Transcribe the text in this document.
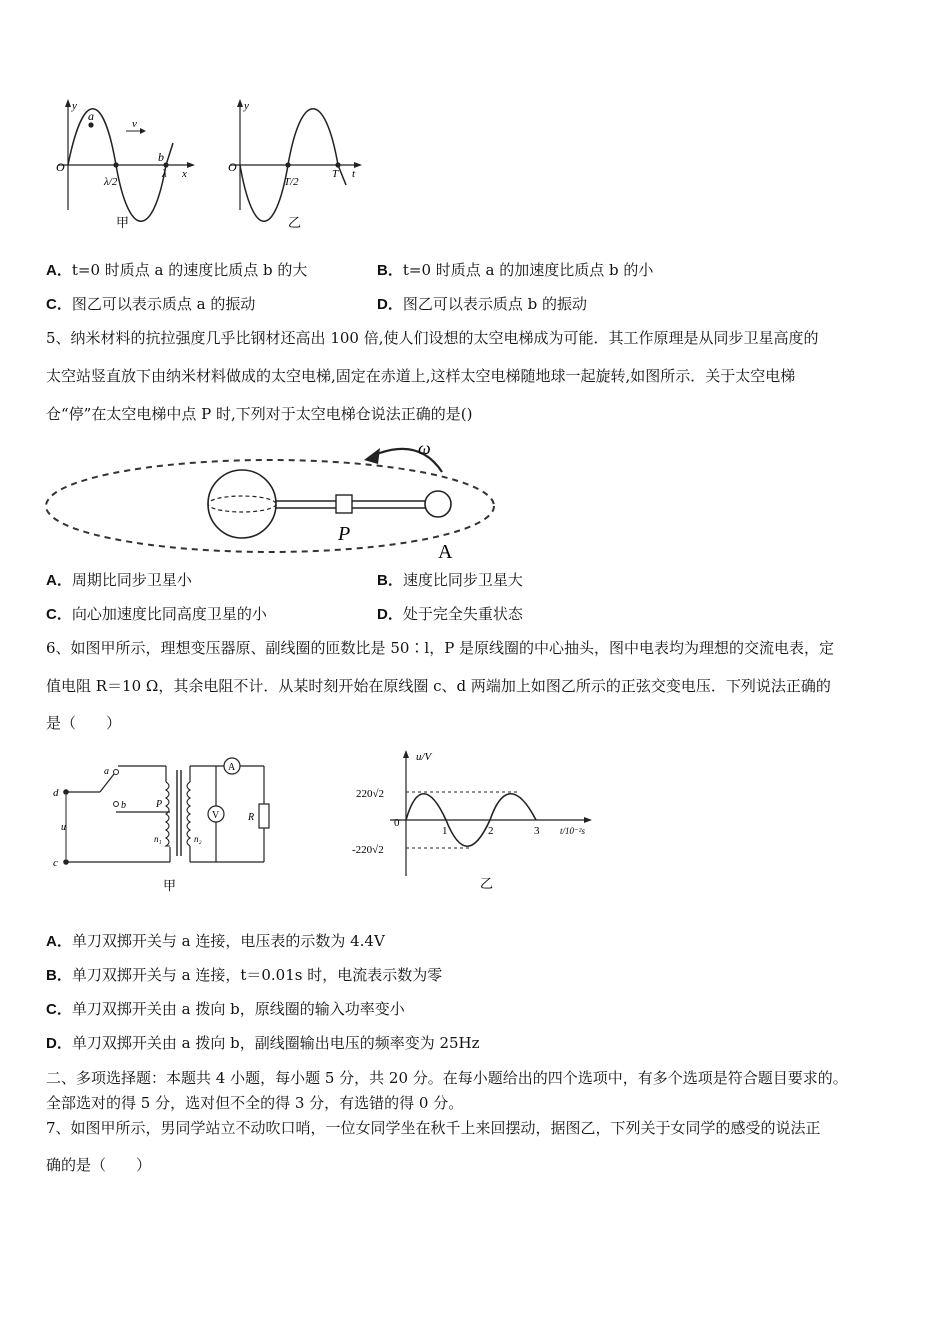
y
O
a
b
v
λ/2
λ x
甲
y
O
T/2
T t
乙
A．t=0 时质点 a 的速度比质点 b 的大	B．t=0 时质点 a 的加速度比质点 b 的小
C．图乙可以表示质点 a 的振动	D．图乙可以表示质点 b 的振动
5、纳米材料的抗拉强度几乎比钢材还高出 100 倍,使人们设想的太空电梯成为可能．其工作原理是从同步卫星高度的
太空站竖直放下由纳米材料做成的太空电梯,固定在赤道上,这样太空电梯随地球一起旋转,如图所示．关于太空电梯
仓“停”在太空电梯中点 P 时,下列对于太空电梯仓说法正确的是()
ω
P
A
A．周期比同步卫星小	B．速度比同步卫星大
C．向心加速度比同高度卫星的小	D．处于完全失重状态
6、如图甲所示，理想变压器原、副线圈的匝数比是 50∶l，P 是原线圈的中心抽头，图中电表均为理想的交流电表，定
值电阻 R＝10 Ω，其余电阻不计．从某时刻开始在原线圈 c、d 两端加上如图乙所示的正弦交变电压．下列说法正确的
是（　　）
d
c
u
a
b	P
n₁	n₂
A
V	R
甲
u/V
220√2
-220√2
0
1	2	3 t/10⁻²s
乙
A．单刀双掷开关与 a 连接，电压表的示数为 4.4V
B．单刀双掷开关与 a 连接，t＝0.01s 时，电流表示数为零
C．单刀双掷开关由 a 拨向 b，原线圈的输入功率变小
D．单刀双掷开关由 a 拨向 b，副线圈输出电压的频率变为 25Hz
二、多项选择题：本题共 4 小题，每小题 5 分，共 20 分。在每小题给出的四个选项中，有多个选项是符合题目要求的。
全部选对的得 5 分，选对但不全的得 3 分，有选错的得 0 分。
7、如图甲所示，男同学站立不动吹口哨，一位女同学坐在秋千上来回摆动，据图乙，下列关于女同学的感受的说法正
确的是（　　）
